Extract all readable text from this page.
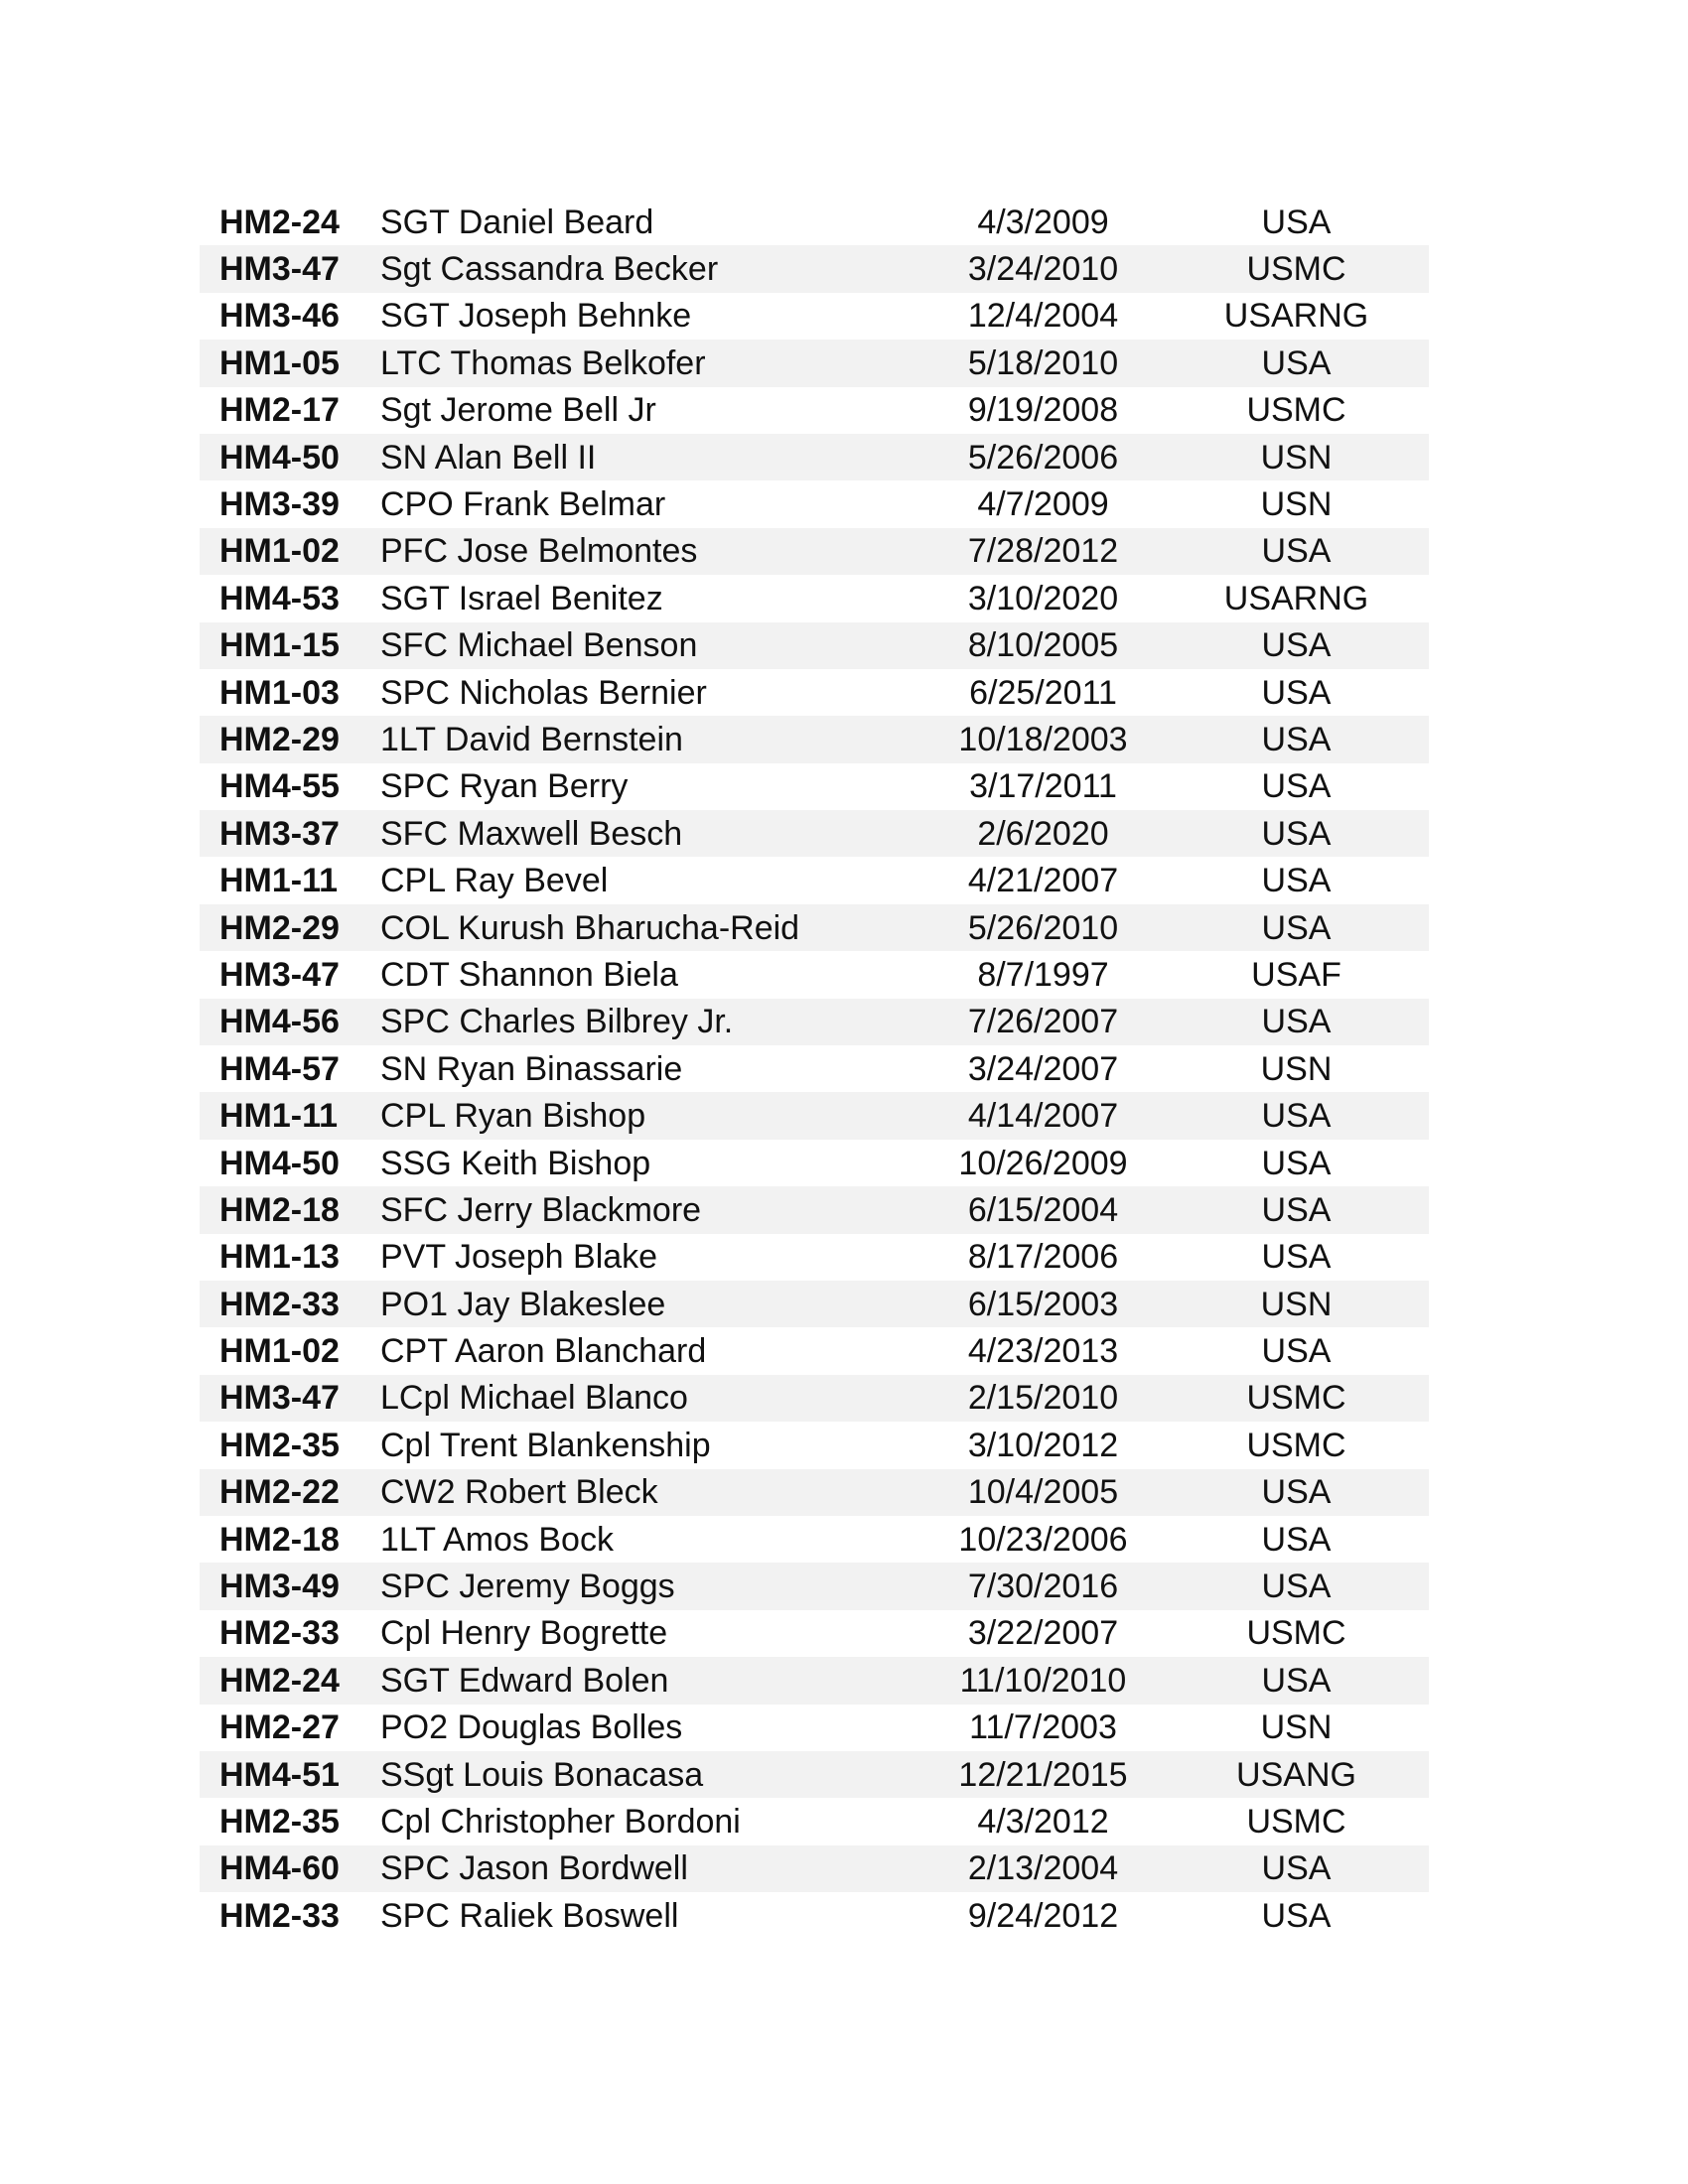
HM2-24	SGT Daniel Beard	4/3/2009	USA
HM3-47	Sgt Cassandra Becker	3/24/2010	USMC
HM3-46	SGT Joseph Behnke	12/4/2004	USARNG
HM1-05	LTC Thomas Belkofer	5/18/2010	USA
HM2-17	Sgt Jerome Bell Jr	9/19/2008	USMC
HM4-50	SN Alan Bell II	5/26/2006	USN
HM3-39	CPO Frank Belmar	4/7/2009	USN
HM1-02	PFC Jose Belmontes	7/28/2012	USA
HM4-53	SGT Israel Benitez	3/10/2020	USARNG
HM1-15	SFC Michael Benson	8/10/2005	USA
HM1-03	SPC Nicholas Bernier	6/25/2011	USA
HM2-29	1LT David Bernstein	10/18/2003	USA
HM4-55	SPC Ryan Berry	3/17/2011	USA
HM3-37	SFC Maxwell Besch	2/6/2020	USA
HM1-11	CPL Ray Bevel	4/21/2007	USA
HM2-29	COL Kurush Bharucha-Reid	5/26/2010	USA
HM3-47	CDT Shannon Biela	8/7/1997	USAF
HM4-56	SPC Charles Bilbrey Jr.	7/26/2007	USA
HM4-57	SN Ryan Binassarie	3/24/2007	USN
HM1-11	CPL Ryan Bishop	4/14/2007	USA
HM4-50	SSG Keith Bishop	10/26/2009	USA
HM2-18	SFC Jerry Blackmore	6/15/2004	USA
HM1-13	PVT Joseph Blake	8/17/2006	USA
HM2-33	PO1 Jay Blakeslee	6/15/2003	USN
HM1-02	CPT Aaron Blanchard	4/23/2013	USA
HM3-47	LCpl Michael Blanco	2/15/2010	USMC
HM2-35	Cpl Trent Blankenship	3/10/2012	USMC
HM2-22	CW2 Robert Bleck	10/4/2005	USA
HM2-18	1LT Amos Bock	10/23/2006	USA
HM3-49	SPC Jeremy Boggs	7/30/2016	USA
HM2-33	Cpl Henry Bogrette	3/22/2007	USMC
HM2-24	SGT Edward Bolen	11/10/2010	USA
HM2-27	PO2 Douglas Bolles	11/7/2003	USN
HM4-51	SSgt Louis Bonacasa	12/21/2015	USANG
HM2-35	Cpl Christopher Bordoni	4/3/2012	USMC
HM4-60	SPC Jason Bordwell	2/13/2004	USA
HM2-33	SPC Raliek Boswell	9/24/2012	USA
